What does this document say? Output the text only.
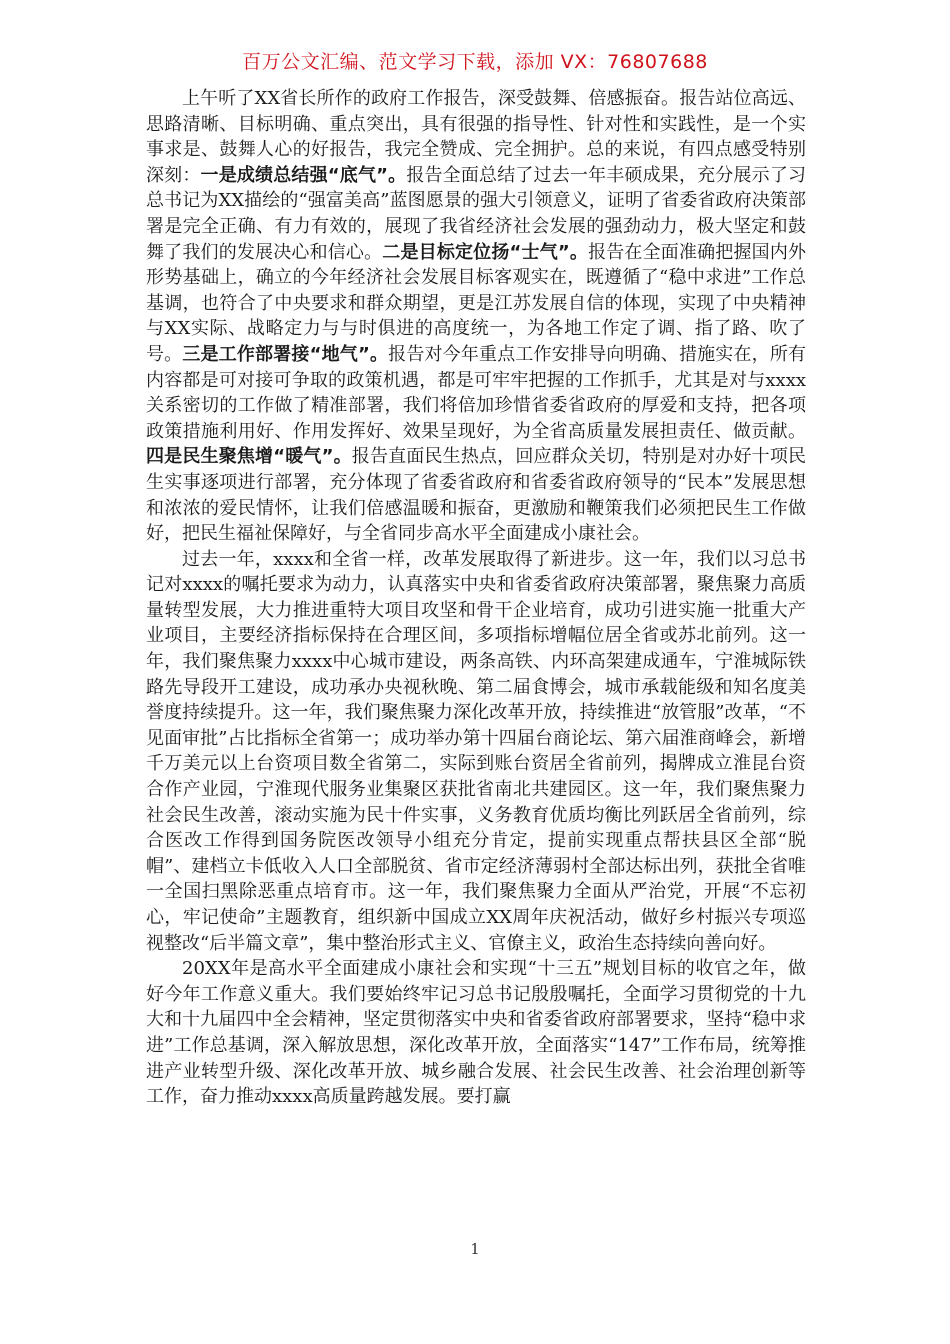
百万公文汇编、范文学习下载，添加 VX：76807688

上午听了XX省长所作的政府工作报告，深受鼓舞、倍感振奋。报告站位高远、思路清晰、目标明确、重点突出，具有很强的指导性、针对性和实践性，是一个实事求是、鼓舞人心的好报告，我完全赞成、完全拥护。总的来说，有四点感受特别深刻：一是成绩总结强“底气”。报告全面总结了过去一年丰硕成果，充分展示了习总书记为XX描绘的“强富美高”蓝图愿景的强大引领意义，证明了省委省政府决策部署是完全正确、有力有效的，展现了我省经济社会发展的强劲动力，极大坚定和鼓舞了我们的发展决心和信心。二是目标定位扬“士气”。报告在全面准确把握国内外形势基础上，确立的今年经济社会发展目标客观实在，既遵循了“稳中求进”工作总基调，也符合了中央要求和群众期望，更是江苏发展自信的体现，实现了中央精神与XX实际、战略定力与与时俱进的高度统一，为各地工作定了调、指了路、吹了号。三是工作部署接“地气”。报告对今年重点工作安排导向明确、措施实在，所有内容都是可对接可争取的政策机遇，都是可牢牢把握的工作抓手，尤其是对与xxxx关系密切的工作做了精准部署，我们将倍加珍惜省委省政府的厚爱和支持，把各项政策措施利用好、作用发挥好、效果呈现好，为全省高质量发展担责任、做贡献。四是民生聚焦增“暖气”。报告直面民生热点，回应群众关切，特别是对办好十项民生实事逐项进行部署，充分体现了省委省政府和省委省政府领导的“民本”发展思想和浓浓的爱民情怀，让我们倍感温暖和振奋，更激励和鞭策我们必须把民生工作做好，把民生福祉保障好，与全省同步高水平全面建成小康社会。

过去一年，xxxx和全省一样，改革发展取得了新进步。这一年，我们以习总书记对xxxx的嘱托要求为动力，认真落实中央和省委省政府决策部署，聚焦聚力高质量转型发展，大力推进重特大项目攻坚和骨干企业培育，成功引进实施一批重大产业项目，主要经济指标保持在合理区间，多项指标增幅位居全省或苏北前列。这一年，我们聚焦聚力xxxx中心城市建设，两条高铁、内环高架建成通车，宁淮城际铁路先导段开工建设，成功承办央视秋晚、第二届食博会，城市承载能级和知名度美誉度持续提升。这一年，我们聚焦聚力深化改革开放，持续推进“放管服”改革，“不见面审批”占比指标全省第一；成功举办第十四届台商论坛、第六届淮商峰会，新增千万美元以上台资项目数全省第二，实际到账台资居全省前列，揭牌成立淮昆台资合作产业园，宁淮现代服务业集聚区获批省南北共建园区。这一年，我们聚焦聚力社会民生改善，滚动实施为民十件实事，义务教育优质均衡比列跃居全省前列，综合医改工作得到国务院医改领导小组充分肯定，提前实现重点帮扶县区全部“脱帽”、建档立卡低收入人口全部脱贫、省市定经济薄弱村全部达标出列，获批全省唯一全国扫黑除恶重点培育市。这一年，我们聚焦聚力全面从严治党，开展“不忘初心，牢记使命”主题教育，组织新中国成立XX周年庆祝活动，做好乡村振兴专项巡视整改“后半篇文章”，集中整治形式主义、官僚主义，政治生态持续向善向好。

20XX年是高水平全面建成小康社会和实现“十三五”规划目标的收官之年，做好今年工作意义重大。我们要始终牢记习总书记殷殷嘱托，全面学习贯彻党的十九大和十九届四中全会精神，坚定贯彻落实中央和省委省政府部署要求，坚持“稳中求进”工作总基调，深入解放思想，深化改革开放，全面落实“147”工作布局，统筹推进产业转型升级、深化改革开放、城乡融合发展、社会民生改善、社会治理创新等工作，奋力推动xxxx高质量跨越发展。要打赢

1
